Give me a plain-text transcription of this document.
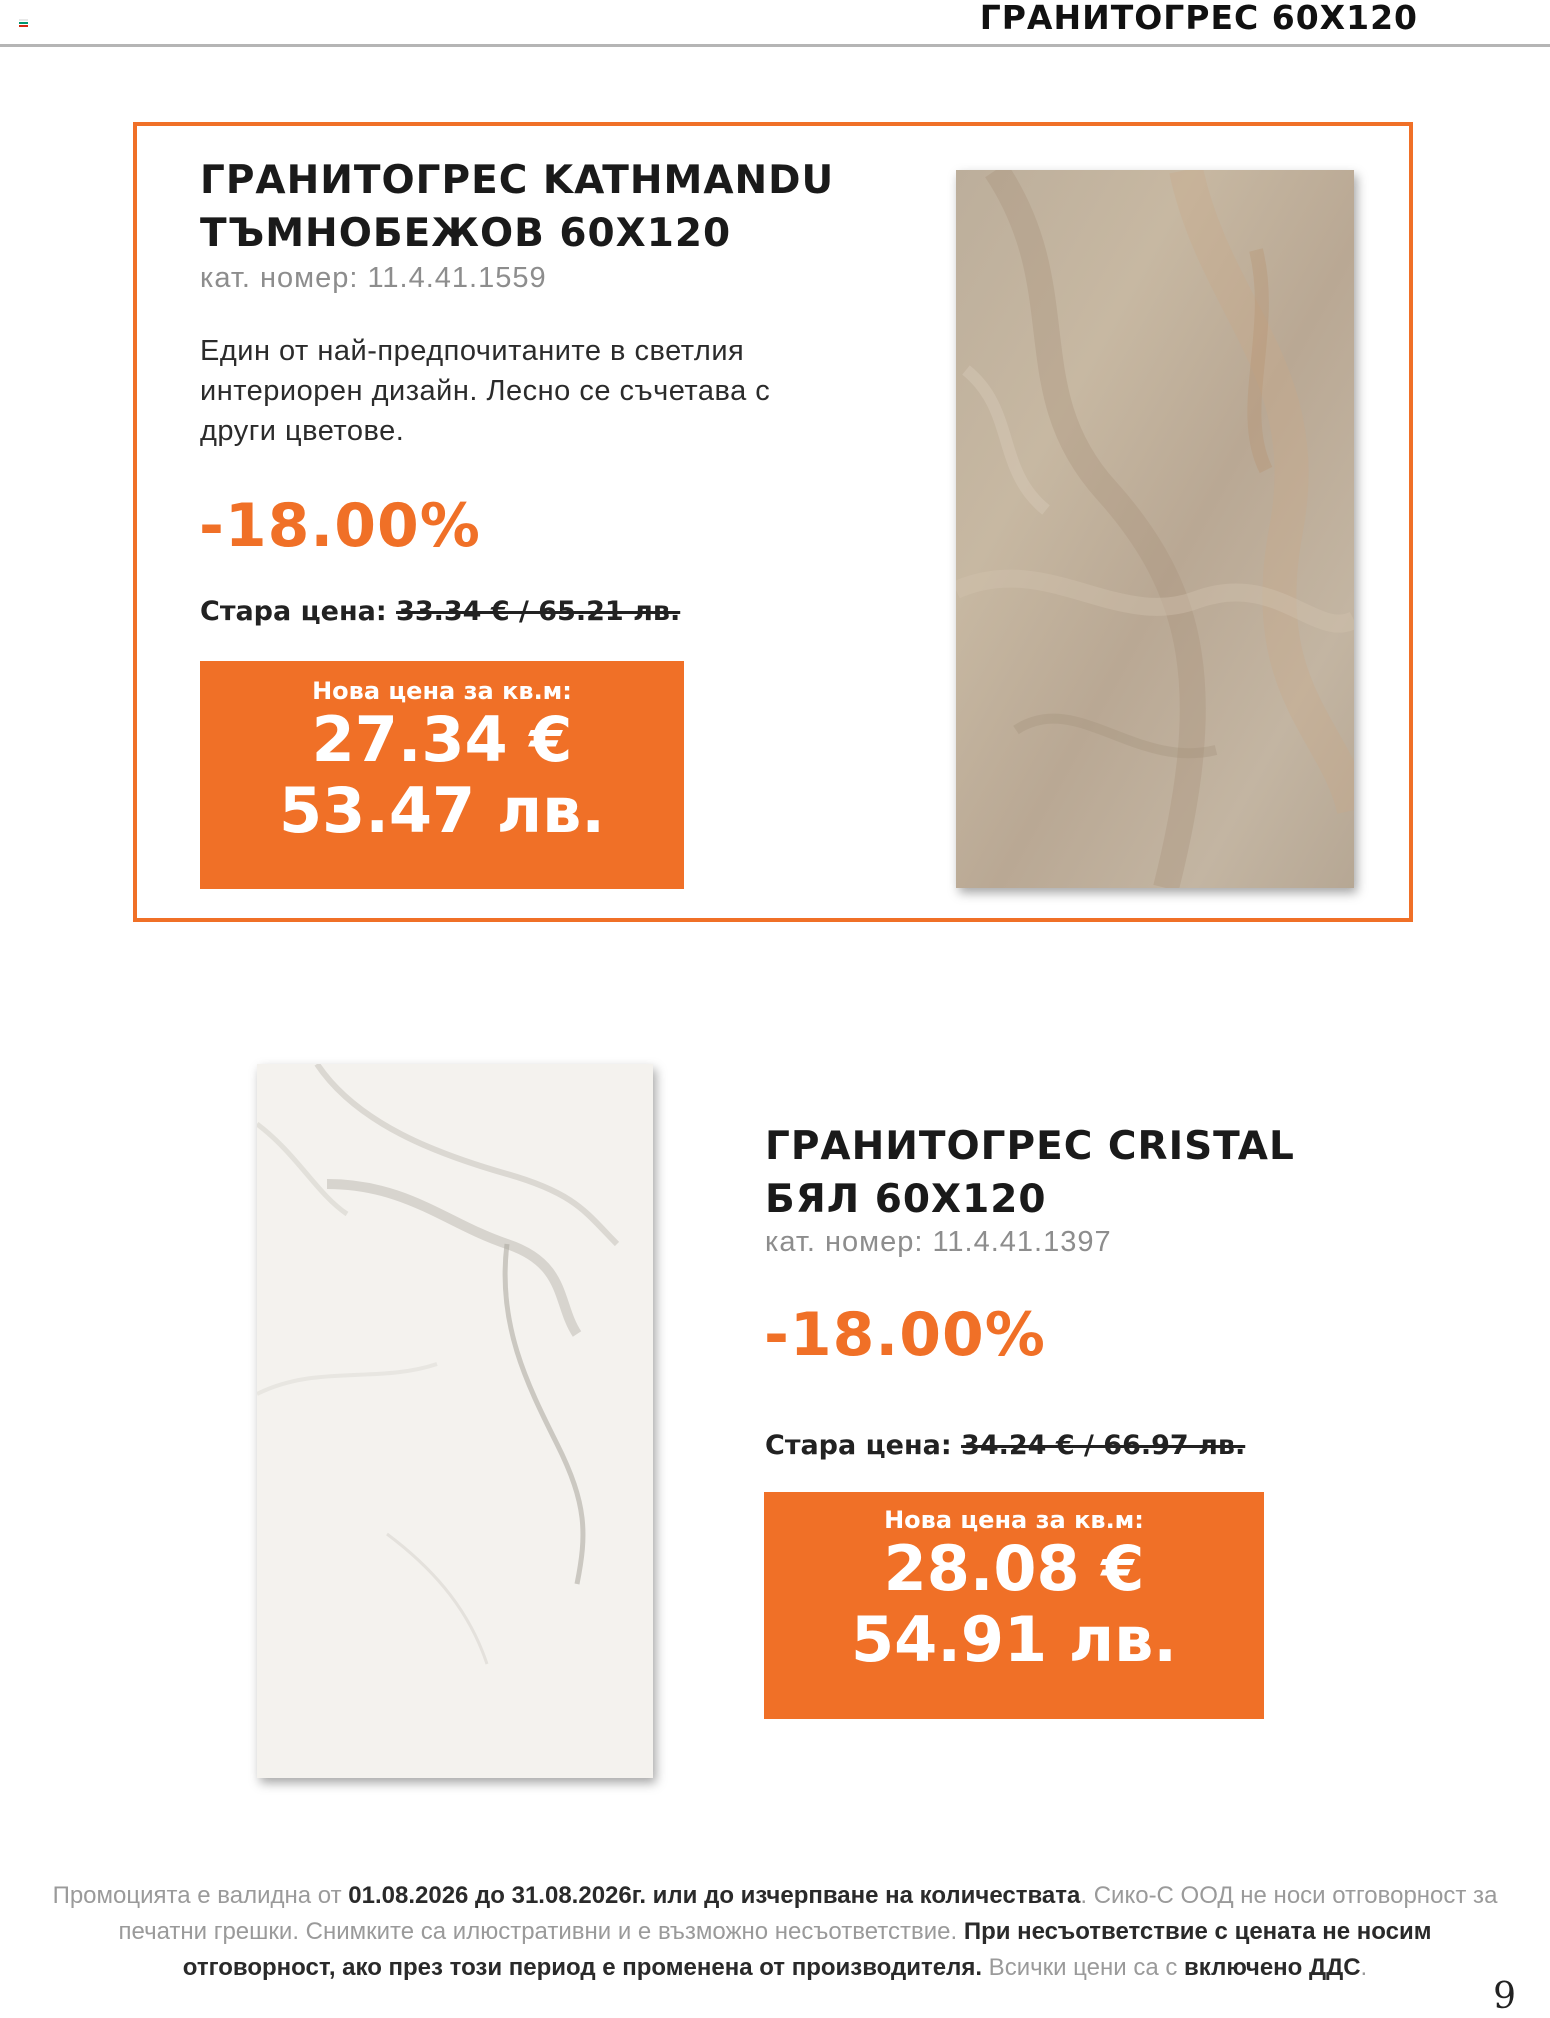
ГРАНИТОГРЕС 60Х120
ГРАНИТОГРЕС KATHMANDU
ТЪМНОБЕЖОВ 60Х120
кат. номер: 11.4.41.1559
Един от най-предпочитаните в светлия
интериорен дизайн. Лесно се съчетава с
други цветове.
-18.00%
Стара цена: 33.34 € / 65.21 лв.
Нова цена за кв.м:
27.34 €
53.47 лв.
ГРАНИТОГРЕС CRISTAL
БЯЛ 60Х120
кат. номер: 11.4.41.1397
-18.00%
Стара цена: 34.24 € / 66.97 лв.
Нова цена за кв.м:
28.08 €
54.91 лв.
Промоцията е валидна от 01.08.2026 до 31.08.2026г. или до изчерпване на количествата. Сико-С ООД не носи отговорност за печатни грешки. Снимките са илюстративни и е възможно несъответствие. При несъответствие с цената не носим отговорност, ако през този период е променена от производителя. Всички цени са с включено ДДС.
9
